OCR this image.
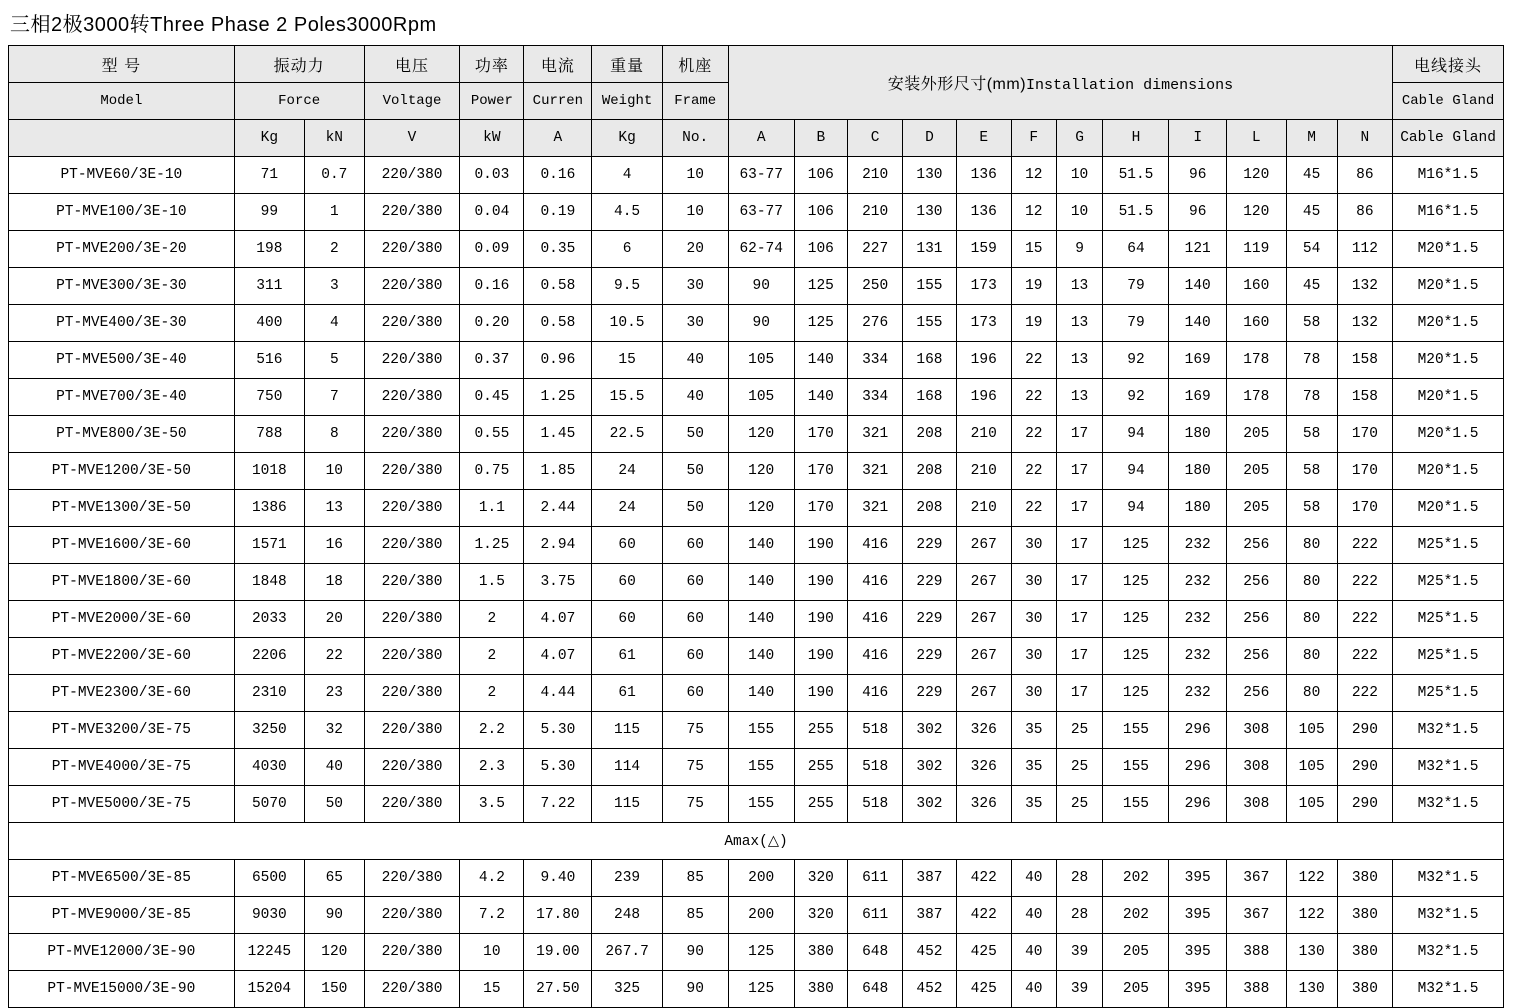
三相2极3000转Three Phase 2 Poles3000Rpm
型 号	振动力		电压	功率	电流	重量	机座	安装外形尺寸(mm)Installation dimensions												电线接头
Model	Force		Voltage	Power	Curren	Weight	Frame													Cable Gland
	Kg	kN	V	kW	A	Kg	No.	A	B	C	D	E	F	G	H	I	L	M	N	Cable Gland
PT-MVE60/3E-10	71	0.7	220/380	0.03	0.16	4	10	63-77	106	210	130	136	12	10	51.5	96	120	45	86	M16*1.5
PT-MVE100/3E-10	99	1	220/380	0.04	0.19	4.5	10	63-77	106	210	130	136	12	10	51.5	96	120	45	86	M16*1.5
PT-MVE200/3E-20	198	2	220/380	0.09	0.35	6	20	62-74	106	227	131	159	15	9	64	121	119	54	112	M20*1.5
PT-MVE300/3E-30	311	3	220/380	0.16	0.58	9.5	30	90	125	250	155	173	19	13	79	140	160	45	132	M20*1.5
PT-MVE400/3E-30	400	4	220/380	0.20	0.58	10.5	30	90	125	276	155	173	19	13	79	140	160	58	132	M20*1.5
PT-MVE500/3E-40	516	5	220/380	0.37	0.96	15	40	105	140	334	168	196	22	13	92	169	178	78	158	M20*1.5
PT-MVE700/3E-40	750	7	220/380	0.45	1.25	15.5	40	105	140	334	168	196	22	13	92	169	178	78	158	M20*1.5
PT-MVE800/3E-50	788	8	220/380	0.55	1.45	22.5	50	120	170	321	208	210	22	17	94	180	205	58	170	M20*1.5
PT-MVE1200/3E-50	1018	10	220/380	0.75	1.85	24	50	120	170	321	208	210	22	17	94	180	205	58	170	M20*1.5
PT-MVE1300/3E-50	1386	13	220/380	1.1	2.44	24	50	120	170	321	208	210	22	17	94	180	205	58	170	M20*1.5
PT-MVE1600/3E-60	1571	16	220/380	1.25	2.94	60	60	140	190	416	229	267	30	17	125	232	256	80	222	M25*1.5
PT-MVE1800/3E-60	1848	18	220/380	1.5	3.75	60	60	140	190	416	229	267	30	17	125	232	256	80	222	M25*1.5
PT-MVE2000/3E-60	2033	20	220/380	2	4.07	60	60	140	190	416	229	267	30	17	125	232	256	80	222	M25*1.5
PT-MVE2200/3E-60	2206	22	220/380	2	4.07	61	60	140	190	416	229	267	30	17	125	232	256	80	222	M25*1.5
PT-MVE2300/3E-60	2310	23	220/380	2	4.44	61	60	140	190	416	229	267	30	17	125	232	256	80	222	M25*1.5
PT-MVE3200/3E-75	3250	32	220/380	2.2	5.30	115	75	155	255	518	302	326	35	25	155	296	308	105	290	M32*1.5
PT-MVE4000/3E-75	4030	40	220/380	2.3	5.30	114	75	155	255	518	302	326	35	25	155	296	308	105	290	M32*1.5
PT-MVE5000/3E-75	5070	50	220/380	3.5	7.22	115	75	155	255	518	302	326	35	25	155	296	308	105	290	M32*1.5
Amax(△)																				
PT-MVE6500/3E-85	6500	65	220/380	4.2	9.40	239	85	200	320	611	387	422	40	28	202	395	367	122	380	M32*1.5
PT-MVE9000/3E-85	9030	90	220/380	7.2	17.80	248	85	200	320	611	387	422	40	28	202	395	367	122	380	M32*1.5
PT-MVE12000/3E-90	12245	120	220/380	10	19.00	267.7	90	125	380	648	452	425	40	39	205	395	388	130	380	M32*1.5
PT-MVE15000/3E-90	15204	150	220/380	15	27.50	325	90	125	380	648	452	425	40	39	205	395	388	130	380	M32*1.5
